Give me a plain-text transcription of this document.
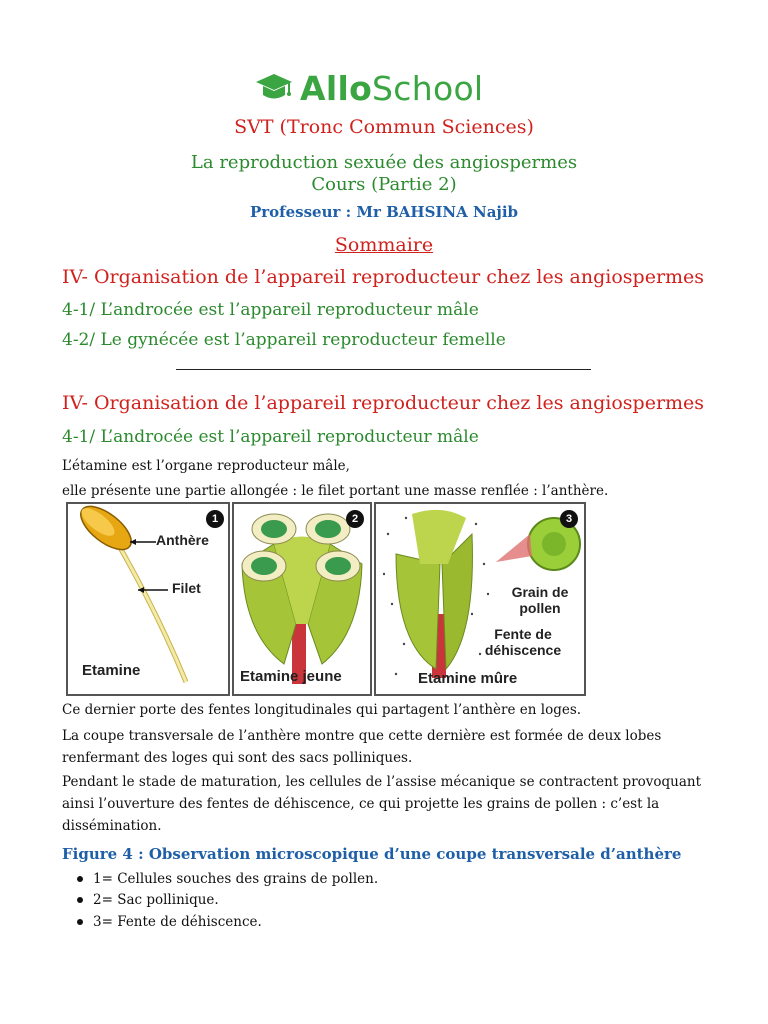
AlloSchool
SVT (Tronc Commun Sciences)
La reproduction sexuée des angiospermes
Cours (Partie 2)
Professeur : Mr BAHSINA Najib
Sommaire
IV- Organisation de l’appareil reproducteur chez les angiospermes
4-1/ L’androcée est l’appareil reproducteur mâle
4-2/ Le gynécée est l’appareil reproducteur femelle
IV- Organisation de l’appareil reproducteur chez les angiospermes
4-1/ L’androcée est l’appareil reproducteur mâle
L’étamine est l’organe reproducteur mâle,
elle présente une partie allongée : le filet portant une masse renflée : l’anthère.
1
Anthère
Filet
Etamine
2
Etamine jeune
3
Grain de
pollen
Fente de
déhiscence
Etamine mûre
Ce dernier porte des fentes longitudinales qui partagent l’anthère en loges.
La coupe transversale de l’anthère montre que cette dernière est formée de deux lobes
renfermant des loges qui sont des sacs polliniques.
Pendant le stade de maturation, les cellules de l’assise mécanique se contractent provoquant
ainsi l’ouverture des fentes de déhiscence, ce qui projette les grains de pollen : c’est la
dissémination.
Figure 4 : Observation microscopique d’une coupe transversale d’anthère
1= Cellules souches des grains de pollen.
2= Sac pollinique.
3= Fente de déhiscence.
